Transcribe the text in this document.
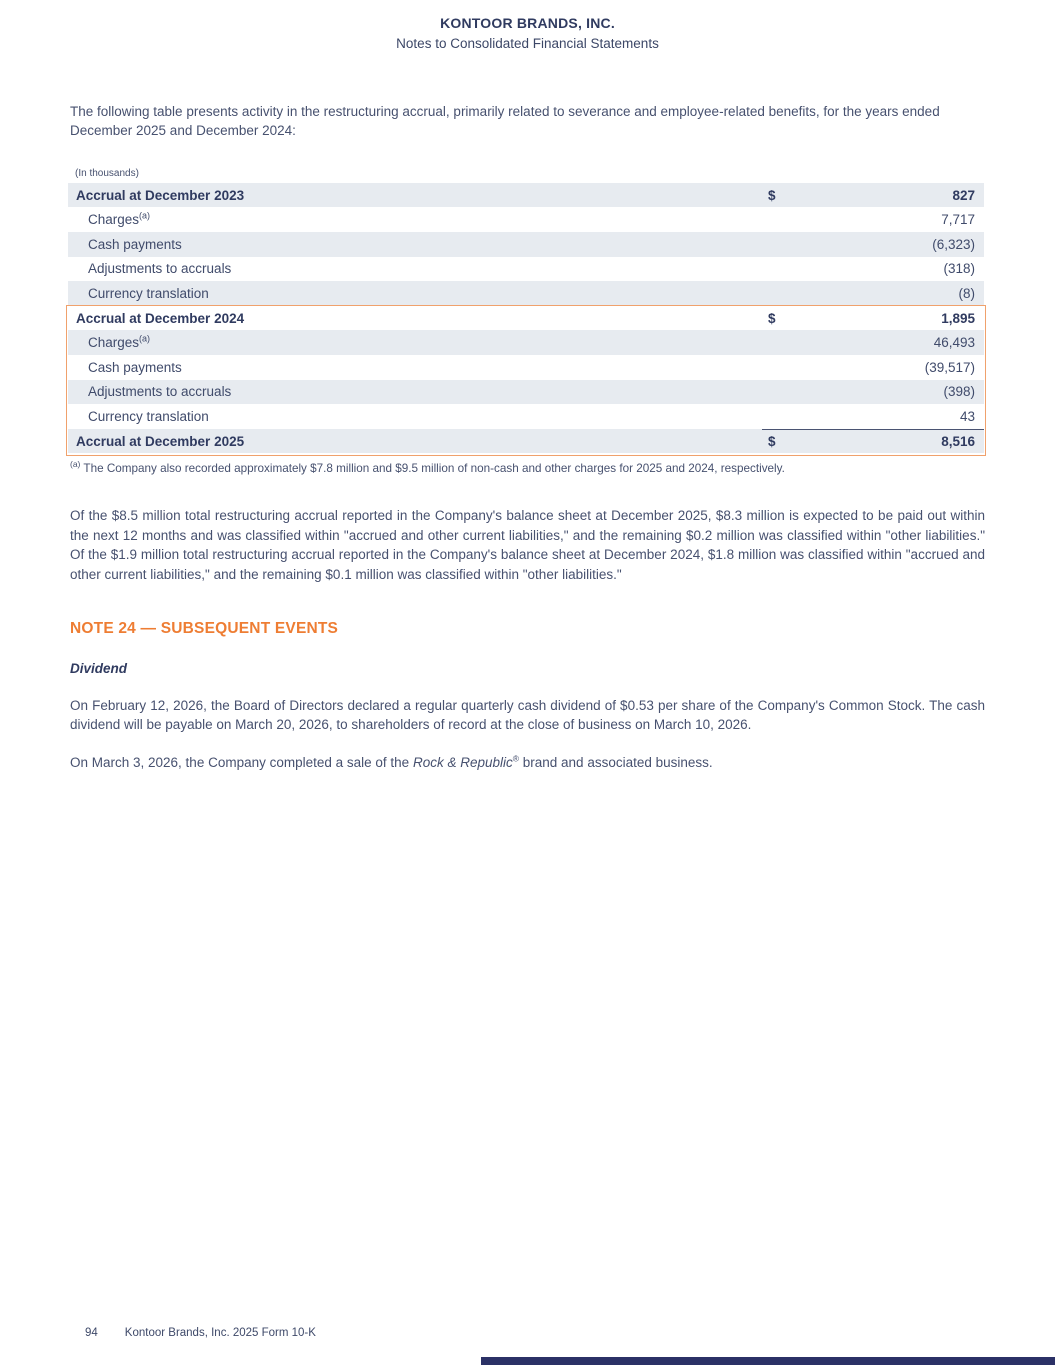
KONTOOR BRANDS, INC.
Notes to Consolidated Financial Statements

The following table presents activity in the restructuring accrual, primarily related to severance and employee-related benefits, for the years ended December 2025 and December 2024:

(In thousands)
Accrual at December 2023	$	827
Charges$^{(a)}$	7,717
Cash payments	(6,323)
Adjustments to accruals	(318)
Currency translation	(8)
Accrual at December 2024	$	1,895
Charges$^{(a)}$	46,493
Cash payments	(39,517)
Adjustments to accruals	(398)
Currency translation	43
Accrual at December 2025	$	8,516

$^{(a)}$ The Company also recorded approximately $7.8 million and $9.5 million of non-cash and other charges for 2025 and 2024, respectively.

Of the $8.5 million total restructuring accrual reported in the Company's balance sheet at December 2025, $8.3 million is expected to be paid out within the next 12 months and was classified within "accrued and other current liabilities," and the remaining $0.2 million was classified within "other liabilities." Of the $1.9 million total restructuring accrual reported in the Company's balance sheet at December 2024, $1.8 million was classified within "accrued and other current liabilities," and the remaining $0.1 million was classified within "other liabilities."

NOTE 24 — SUBSEQUENT EVENTS
Dividend

On February 12, 2026, the Board of Directors declared a regular quarterly cash dividend of $0.53 per share of the Company's Common Stock. The cash dividend will be payable on March 20, 2026, to shareholders of record at the close of business on March 10, 2026.

On March 3, 2026, the Company completed a sale of the Rock & Republic® brand and associated business.

94 Kontoor Brands, Inc. 2025 Form 10-K
